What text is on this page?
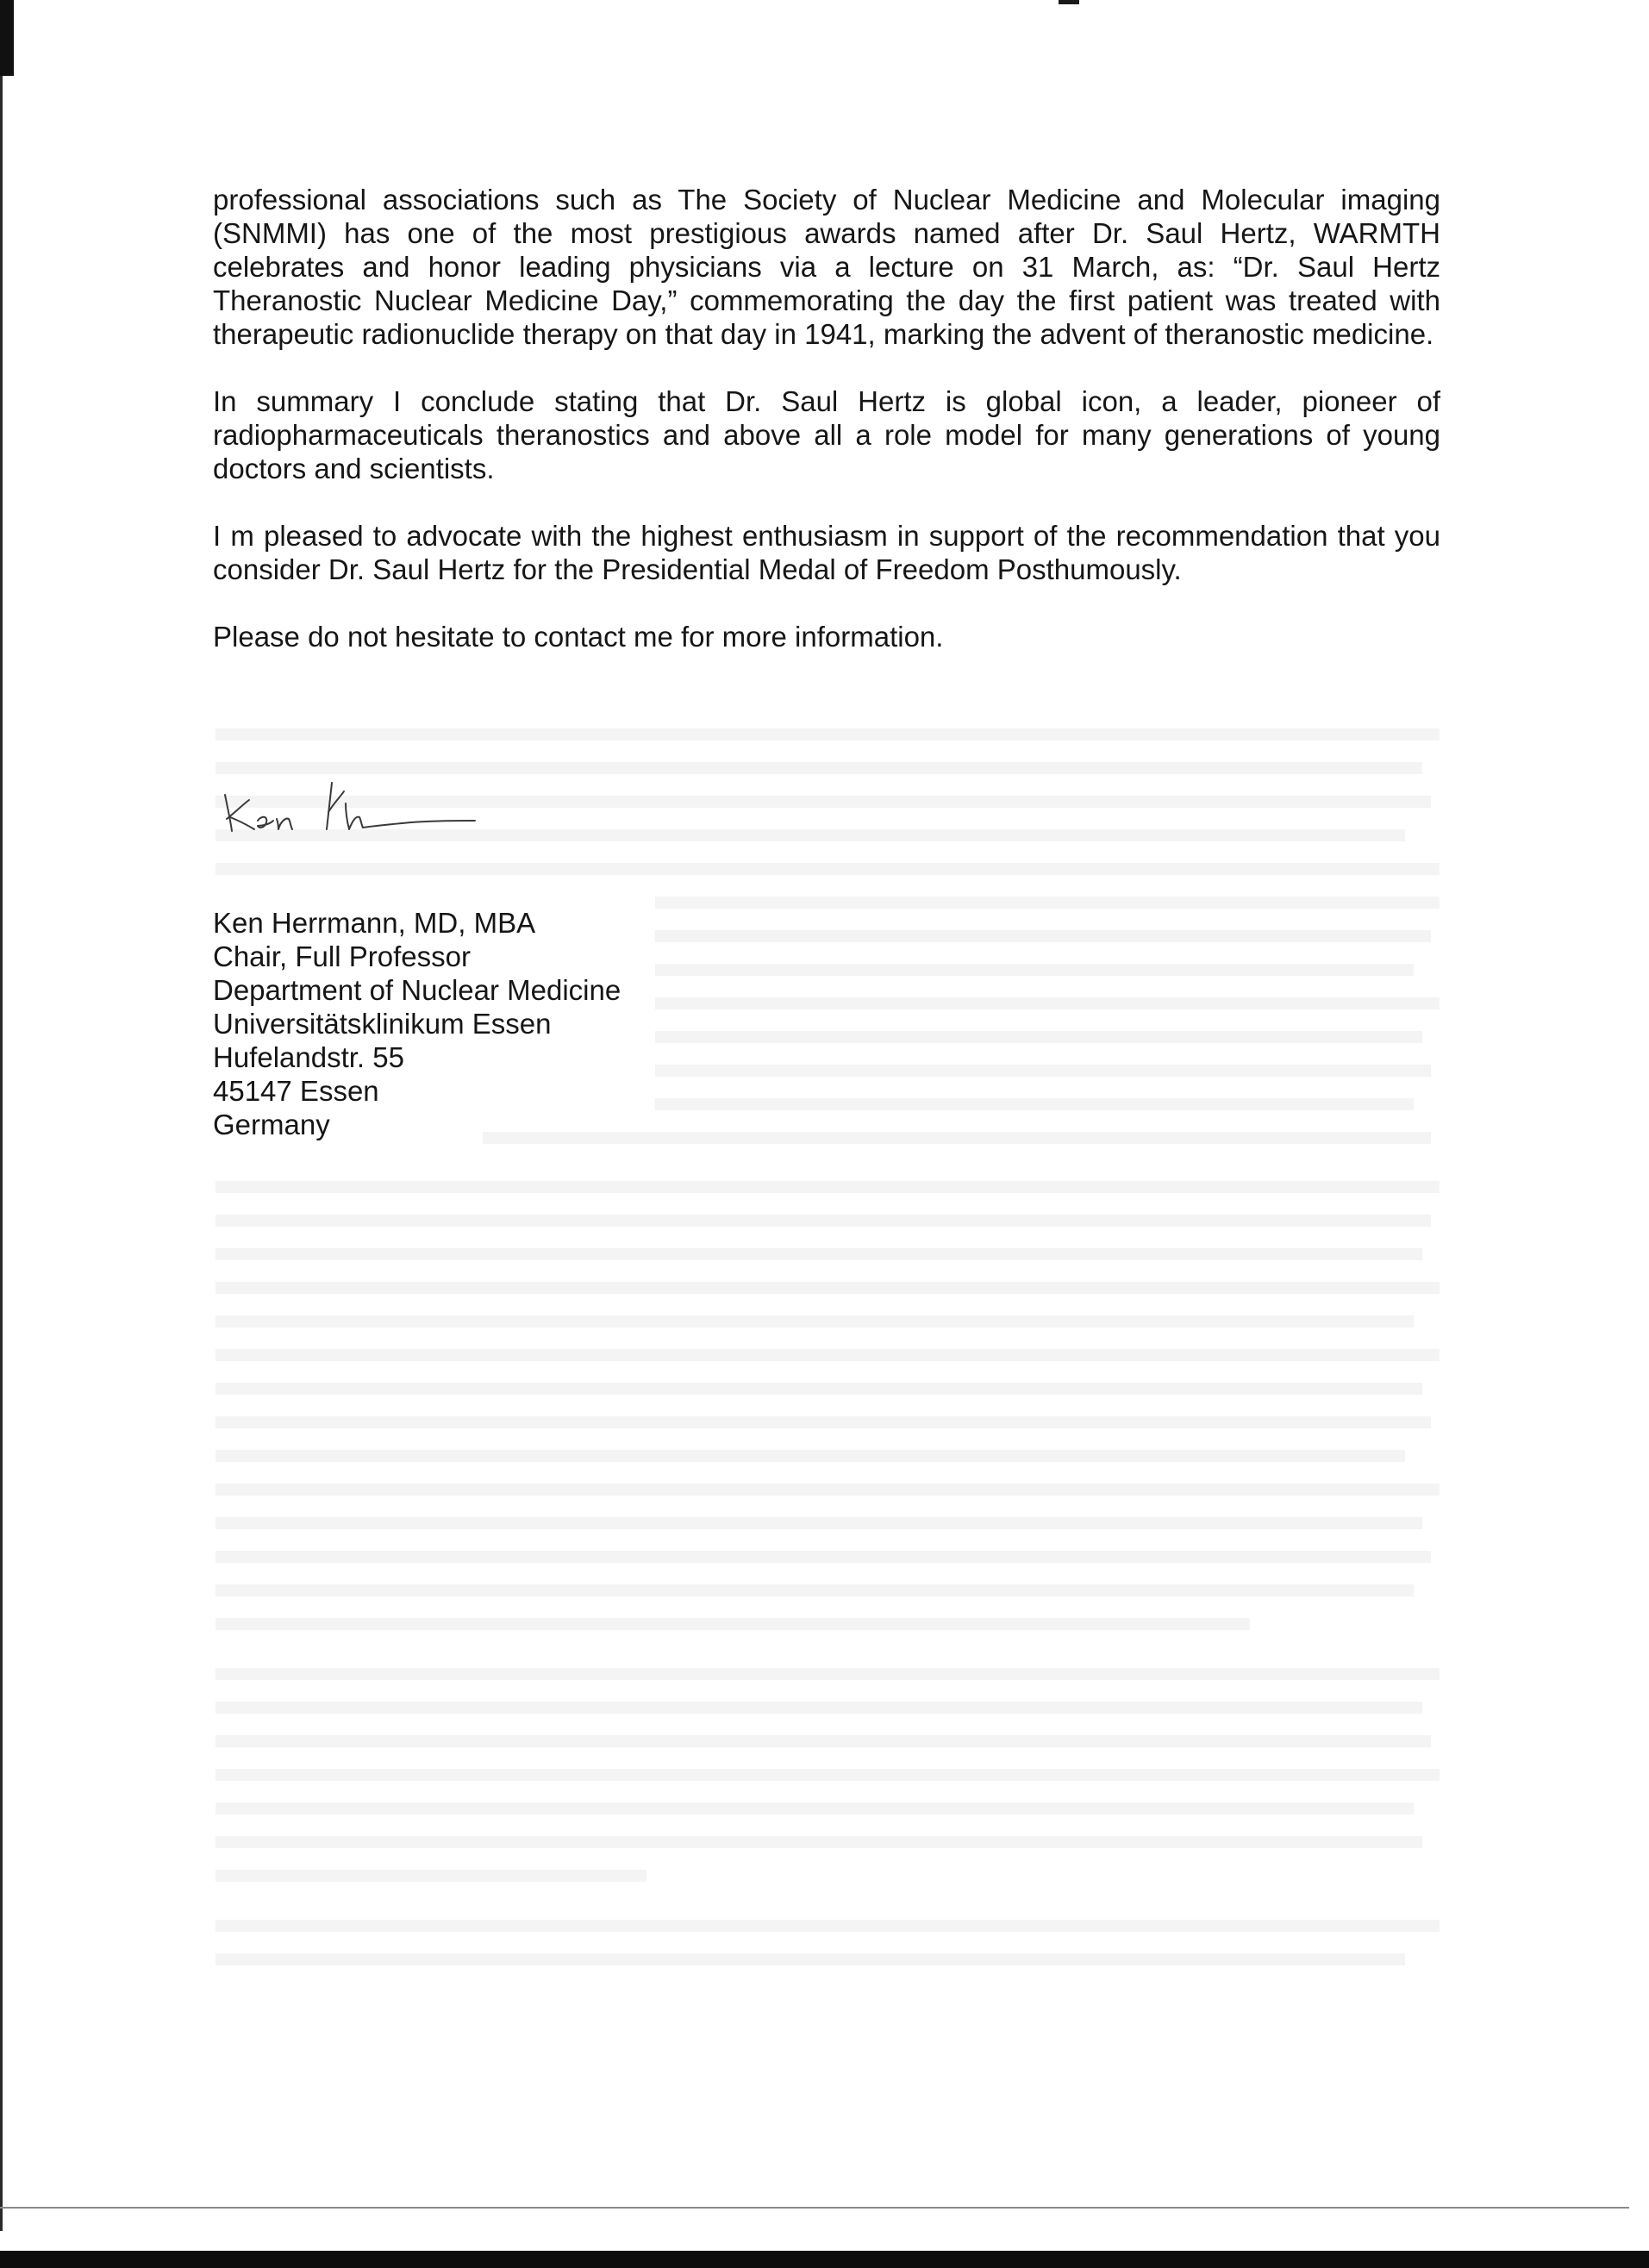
professional associations such as The Society of Nuclear Medicine and Molecular imaging (SNMMI) has one of the most prestigious awards named after Dr. Saul Hertz, WARMTH celebrates and honor leading physicians via a lecture on 31 March, as: “Dr. Saul Hertz Theranostic Nuclear Medicine Day,” commemorating the day the first patient was treated with therapeutic radionuclide therapy on that day in 1941, marking the advent of theranostic medicine.

In summary I conclude stating that Dr. Saul Hertz is global icon, a leader, pioneer of radiopharmaceuticals theranostics and above all a role model for many generations of young doctors and scientists.

I m pleased to advocate with the highest enthusiasm in support of the recommendation that you consider Dr. Saul Hertz for the Presidential Medal of Freedom Posthumously.

Please do not hesitate to contact me for more information.

Ken Herrmann, MD, MBA
Chair, Full Professor
Department of Nuclear Medicine
Universitätsklinikum Essen
Hufelandstr. 55
45147 Essen
Germany
